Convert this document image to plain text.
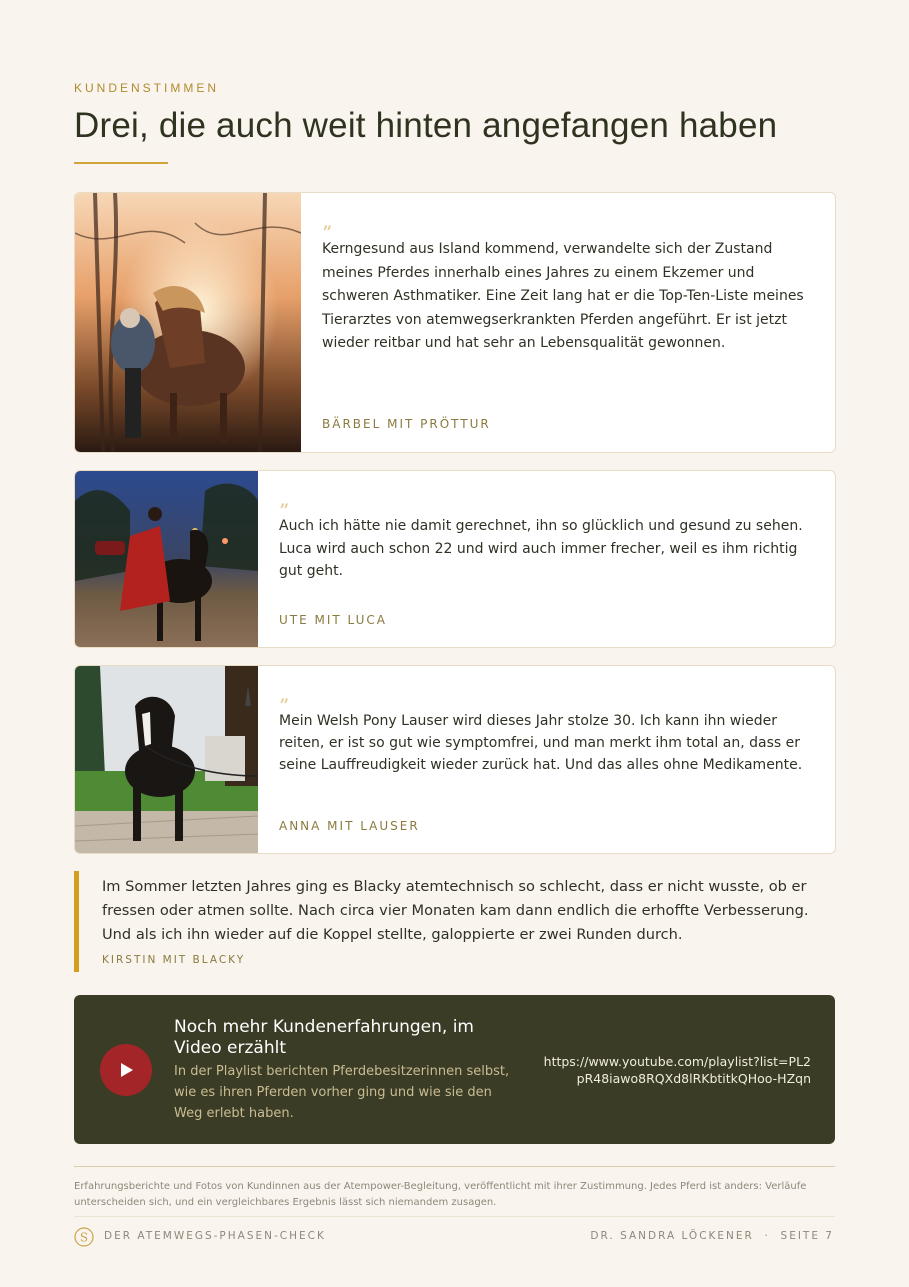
KUNDENSTIMMEN
Drei, die auch weit hinten angefangen haben
”

Kerngesund aus Island kommend, verwandelte sich der Zustand meines Pferdes innerhalb eines Jahres zu einem Ekzemer und schweren Asthmatiker. Eine Zeit lang hat er die Top-Ten-Liste meines Tierarztes von atemwegserkrankten Pferden angeführt. Er ist jetzt wieder reitbar und hat sehr an Lebensqualität gewonnen.

BÄRBEL MIT PRÖTTUR
”

Auch ich hätte nie damit gerechnet, ihn so glücklich und gesund zu sehen. Luca wird auch schon 22 und wird auch immer frecher, weil es ihm richtig gut geht.

UTE MIT LUCA
”

Mein Welsh Pony Lauser wird dieses Jahr stolze 30. Ich kann ihn wieder reiten, er ist so gut wie symptomfrei, und man merkt ihm total an, dass er seine Lauffreudigkeit wieder zurück hat. Und das alles ohne Medikamente.

ANNA MIT LAUSER

Im Sommer letzten Jahres ging es Blacky atemtechnisch so schlecht, dass er nicht wusste, ob er fressen oder atmen sollte. Nach circa vier Monaten kam dann endlich die erhoffte Verbesserung. Und als ich ihn wieder auf die Koppel stellte, galoppierte er zwei Runden durch.

KIRSTIN MIT BLACKY
Noch mehr Kundenerfahrungen, im Video erzählt
In der Playlist berichten Pferdebesitzerinnen selbst, wie es ihren Pferden vorher ging und wie sie den Weg erlebt haben.
https://www.youtube.com/playlist?list=PL2pR48iawo8RQXd8lRKbtitkQHoo-HZqn
Erfahrungsberichte und Fotos von Kundinnen aus der Atempower-Begleitung, veröffentlicht mit ihrer Zustimmung. Jedes Pferd ist anders: Verläufe unterscheiden sich, und ein vergleichbares Ergebnis lässt sich niemandem zusagen.
S DER ATEMWEGS-PHASEN-CHECK	DR. SANDRA LÖCKENER  ·  SEITE 7
